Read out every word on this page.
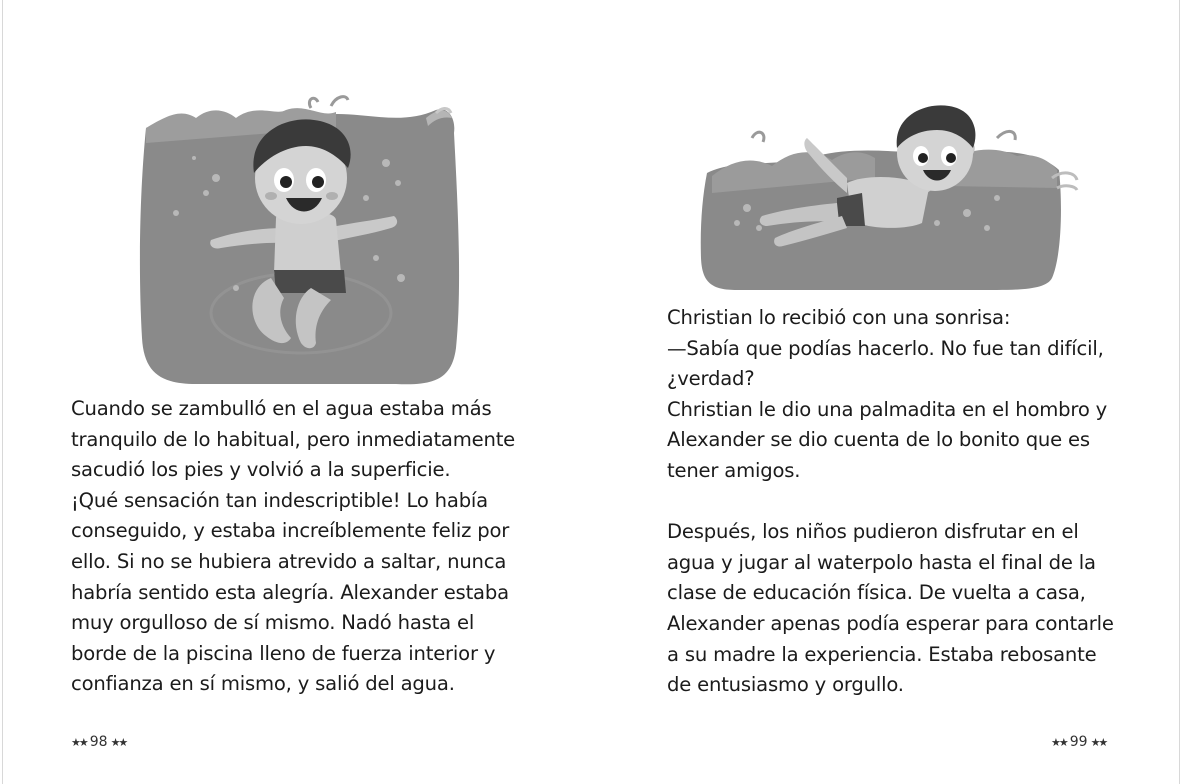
Cuando se zambulló en el agua estaba más
tranquilo de lo habitual, pero inmediatamente
sacudió los pies y volvió a la superficie.
¡Qué sensación tan indescriptible! Lo había
conseguido, y estaba increíblemente feliz por
ello. Si no se hubiera atrevido a saltar, nunca
habría sentido esta alegría. Alexander estaba
muy orgulloso de sí mismo. Nadó hasta el
borde de la piscina lleno de fuerza interior y
confianza en sí mismo, y salió del agua.

Christian lo recibió con una sonrisa:
—Sabía que podías hacerlo. No fue tan difícil,
¿verdad?
Christian le dio una palmadita en el hombro y
Alexander se dio cuenta de lo bonito que es
tener amigos.

Después, los niños pudieron disfrutar en el
agua y jugar al waterpolo hasta el final de la
clase de educación física. De vuelta a casa,
Alexander apenas podía esperar para contarle
a su madre la experiencia. Estaba rebosante
de entusiasmo y orgullo.

★★ 98 ★★	★★ 99 ★★
